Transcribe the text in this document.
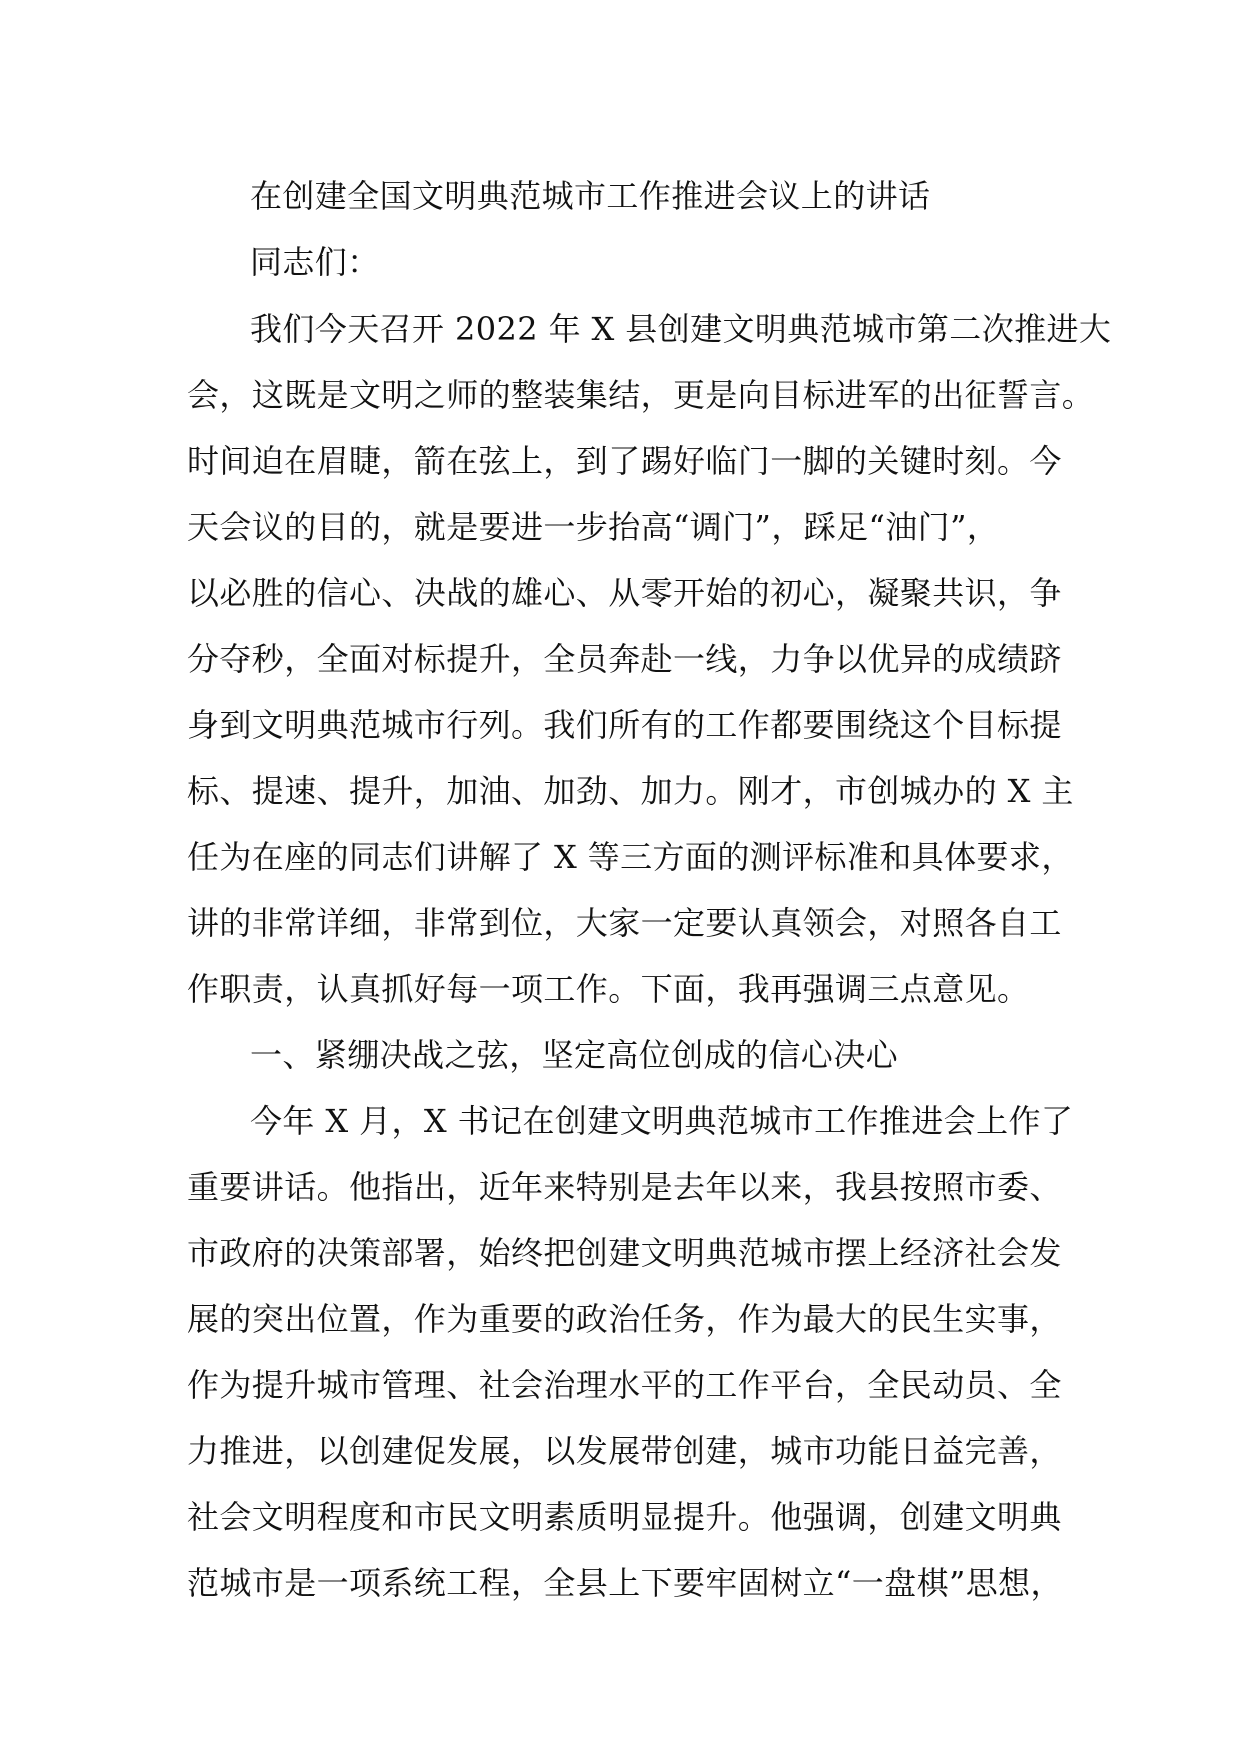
在创建全国文明典范城市工作推进会议上的讲话
同志们：
我们今天召开 2022 年 X 县创建文明典范城市第二次推进大
会，这既是文明之师的整装集结，更是向目标进军的出征誓言。
时间迫在眉睫，箭在弦上，到了踢好临门一脚的关键时刻。今
天会议的目的，就是要进一步抬高“调门”，踩足“油门”，
以必胜的信心、决战的雄心、从零开始的初心，凝聚共识，争
分夺秒，全面对标提升，全员奔赴一线，力争以优异的成绩跻
身到文明典范城市行列。我们所有的工作都要围绕这个目标提
标、提速、提升，加油、加劲、加力。刚才，市创城办的 X 主
任为在座的同志们讲解了 X 等三方面的测评标准和具体要求，
讲的非常详细，非常到位，大家一定要认真领会，对照各自工
作职责，认真抓好每一项工作。下面，我再强调三点意见。
一、紧绷决战之弦，坚定高位创成的信心决心
今年 X 月，X 书记在创建文明典范城市工作推进会上作了
重要讲话。他指出，近年来特别是去年以来，我县按照市委、
市政府的决策部署，始终把创建文明典范城市摆上经济社会发
展的突出位置，作为重要的政治任务，作为最大的民生实事，
作为提升城市管理、社会治理水平的工作平台，全民动员、全
力推进，以创建促发展，以发展带创建，城市功能日益完善，
社会文明程度和市民文明素质明显提升。他强调，创建文明典
范城市是一项系统工程，全县上下要牢固树立“一盘棋”思想，
